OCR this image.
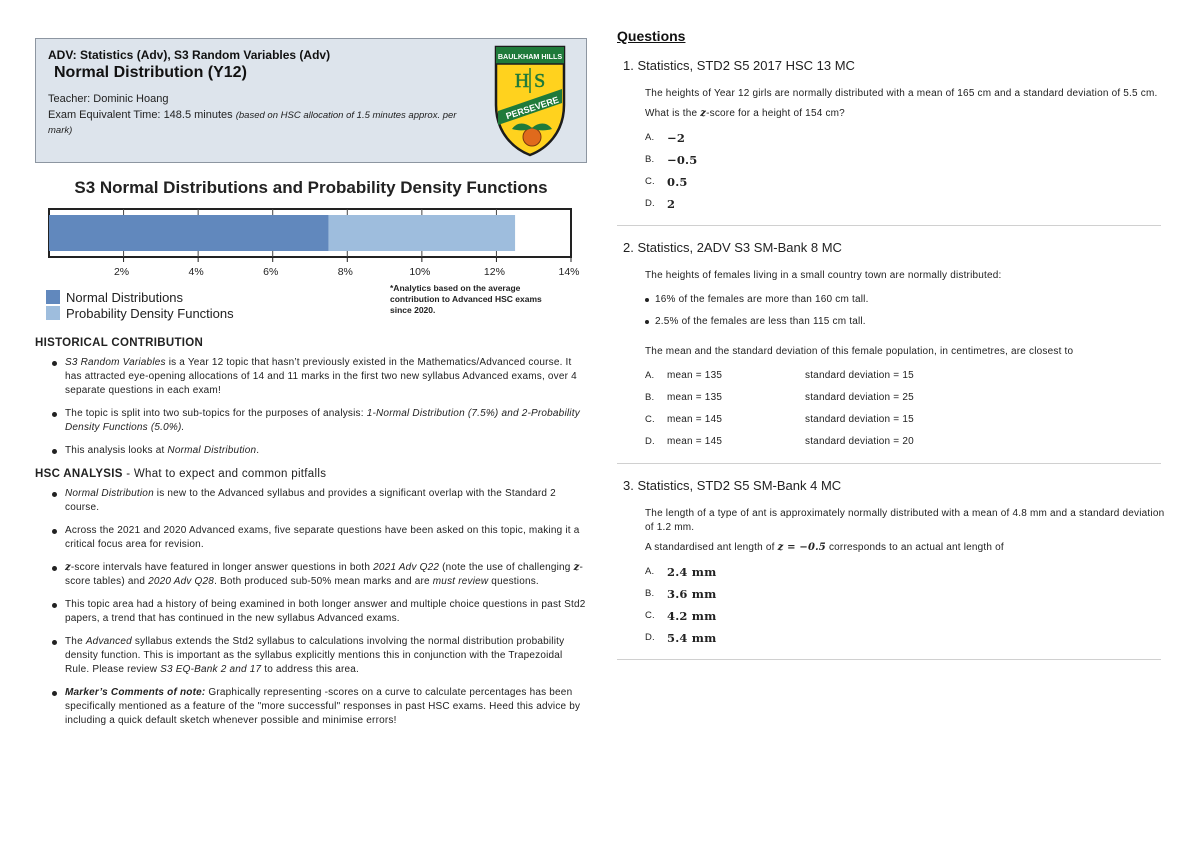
ADV: Statistics (Adv), S3 Random Variables (Adv)
Normal Distribution (Y12)
Teacher: Dominic Hoang
Exam Equivalent Time: 148.5 minutes (based on HSC allocation of 1.5 minutes approx. per mark)
BAULKHAM HILLS
H S
PERSEVERE
S3 Normal Distributions and Probability Density Functions
2%	4%	6%	8%	10%	12%	14%
Normal Distributions
Probability Density Functions
*Analytics based on the average contribution to Advanced HSC exams since 2020.
HISTORICAL CONTRIBUTION
S3 Random Variables is a Year 12 topic that hasn’t previously existed in the Mathematics/Advanced course. It has attracted eye-opening allocations of 14 and 11 marks in the first two new syllabus Advanced exams, over 4 separate questions in each exam!
The topic is split into two sub-topics for the purposes of analysis: 1-Normal Distribution (7.5%) and 2-Probability Density Functions (5.0%).
This analysis looks at Normal Distribution.
HSC ANALYSIS - What to expect and common pitfalls
Normal Distribution is new to the Advanced syllabus and provides a significant overlap with the Standard 2 course.
Across the 2021 and 2020 Advanced exams, five separate questions have been asked on this topic, making it a critical focus area for revision.
z-score intervals have featured in longer answer questions in both 2021 Adv Q22 (note the use of challenging z-score tables) and 2020 Adv Q28. Both produced sub-50% mean marks and are must review questions.
This topic area had a history of being examined in both longer answer and multiple choice questions in past Std2 papers, a trend that has continued in the new syllabus Advanced exams.
The Advanced syllabus extends the Std2 syllabus to calculations involving the normal distribution probability density function. This is important as the syllabus explicitly mentions this in conjunction with the Trapezoidal Rule. Please review S3 EQ-Bank 2 and 17 to address this area.
Marker’s Comments of note: Graphically representing -scores on a curve to calculate percentages has been specifically mentioned as a feature of the "more successful" responses in past HSC exams. Heed this advice by including a quick default sketch whenever possible and minimise errors!
Questions
1. Statistics, STD2 S5 2017 HSC 13 MC

The heights of Year 12 girls are normally distributed with a mean of 165 cm and a standard deviation of 5.5 cm.

What is the z-score for a height of 154 cm?

A.	−2
B.	−0.5
C.	0.5
D.	2
2. Statistics, 2ADV S3 SM-Bank 8 MC

The heights of females living in a small country town are normally distributed:

16% of the females are more than 160 cm tall.
2.5% of the females are less than 115 cm tall.

The mean and the standard deviation of this female population, in centimetres, are closest to

A.	mean = 135	standard deviation = 15
B.	mean = 135	standard deviation = 25
C.	mean = 145	standard deviation = 15
D.	mean = 145	standard deviation = 20
3. Statistics, STD2 S5 SM-Bank 4 MC

The length of a type of ant is approximately normally distributed with a mean of 4.8 mm and a standard deviation of 1.2 mm.

A standardised ant length of z = −0.5 corresponds to an actual ant length of

A.	2.4 mm
B.	3.6 mm
C.	4.2 mm
D.	5.4 mm
